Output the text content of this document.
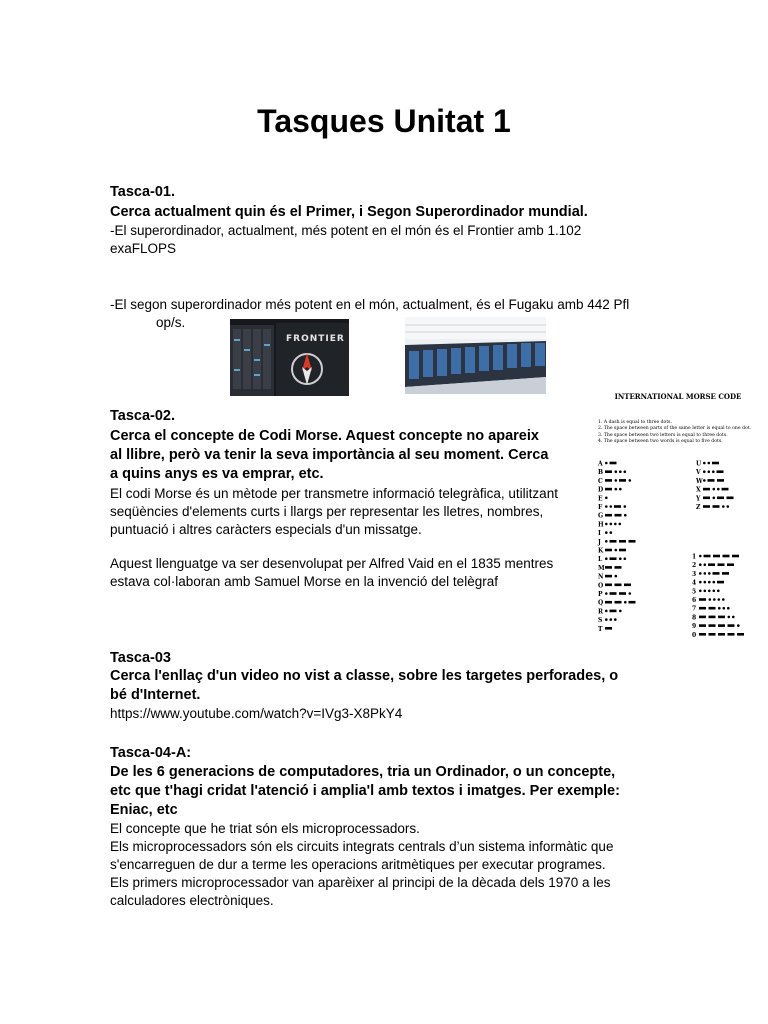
Tasques Unitat 1

Tasca-01.

Cerca actualment quin és el Primer, i Segon Superordinador mundial.

-El superordinador, actualment, més potent en el món és el Frontier amb 1.102

exaFLOPS

-El segon superordinador més potent en el món, actualment, és el Fugaku amb 442 Pfl

op/s.

FRONTIER

Tasca-02.

Cerca el concepte de Codi Morse. Aquest concepte no apareix

al llibre, però va tenir la seva importància al seu moment. Cerca

a quins anys es va emprar, etc.

El codi Morse és un mètode per transmetre informació telegràfica, utilitzant

seqüències d'elements curts i llargs per representar les lletres, nombres,

puntuació i altres caràcters especials d'un missatge.

Aquest llenguatge va ser desenvolupat per Alfred Vaid en el 1835 mentres

estava col·laboran amb Samuel Morse en la invenció del telègraf

INTERNATIONAL MORSE CODE
1. A dash is equal to three dots.
2. The space between parts of the same letter is equal to one dot.
3. The space between two letters is equal to three dots.
4. The space between two words is equal to five dots.
A
B
C
D
E
F
G
H
I
J
K
L
M
N
O
P
Q
R
S
T
U
V
W
X
Y
Z
1
2
3
4
5
6
7
8
9
0

Tasca-03

Cerca l'enllaç d'un video no vist a classe, sobre les targetes perforades, o

bé d'Internet.

https://www.youtube.com/watch?v=IVg3-X8PkY4

Tasca-04-A:

De les 6 generacions de computadores, tria un Ordinador, o un concepte,

etc que t'hagi cridat l'atenció i amplia'l amb textos i imatges. Per exemple:

Eniac, etc

El concepte que he triat són els microprocessadors.

Els microprocessadors són els circuits integrats centrals d’un sistema informàtic que

s'encarreguen de dur a terme les operacions aritmètiques per executar programes.

Els primers microprocessador van aparèixer al principi de la dècada dels 1970 a les

calculadores electròniques.
